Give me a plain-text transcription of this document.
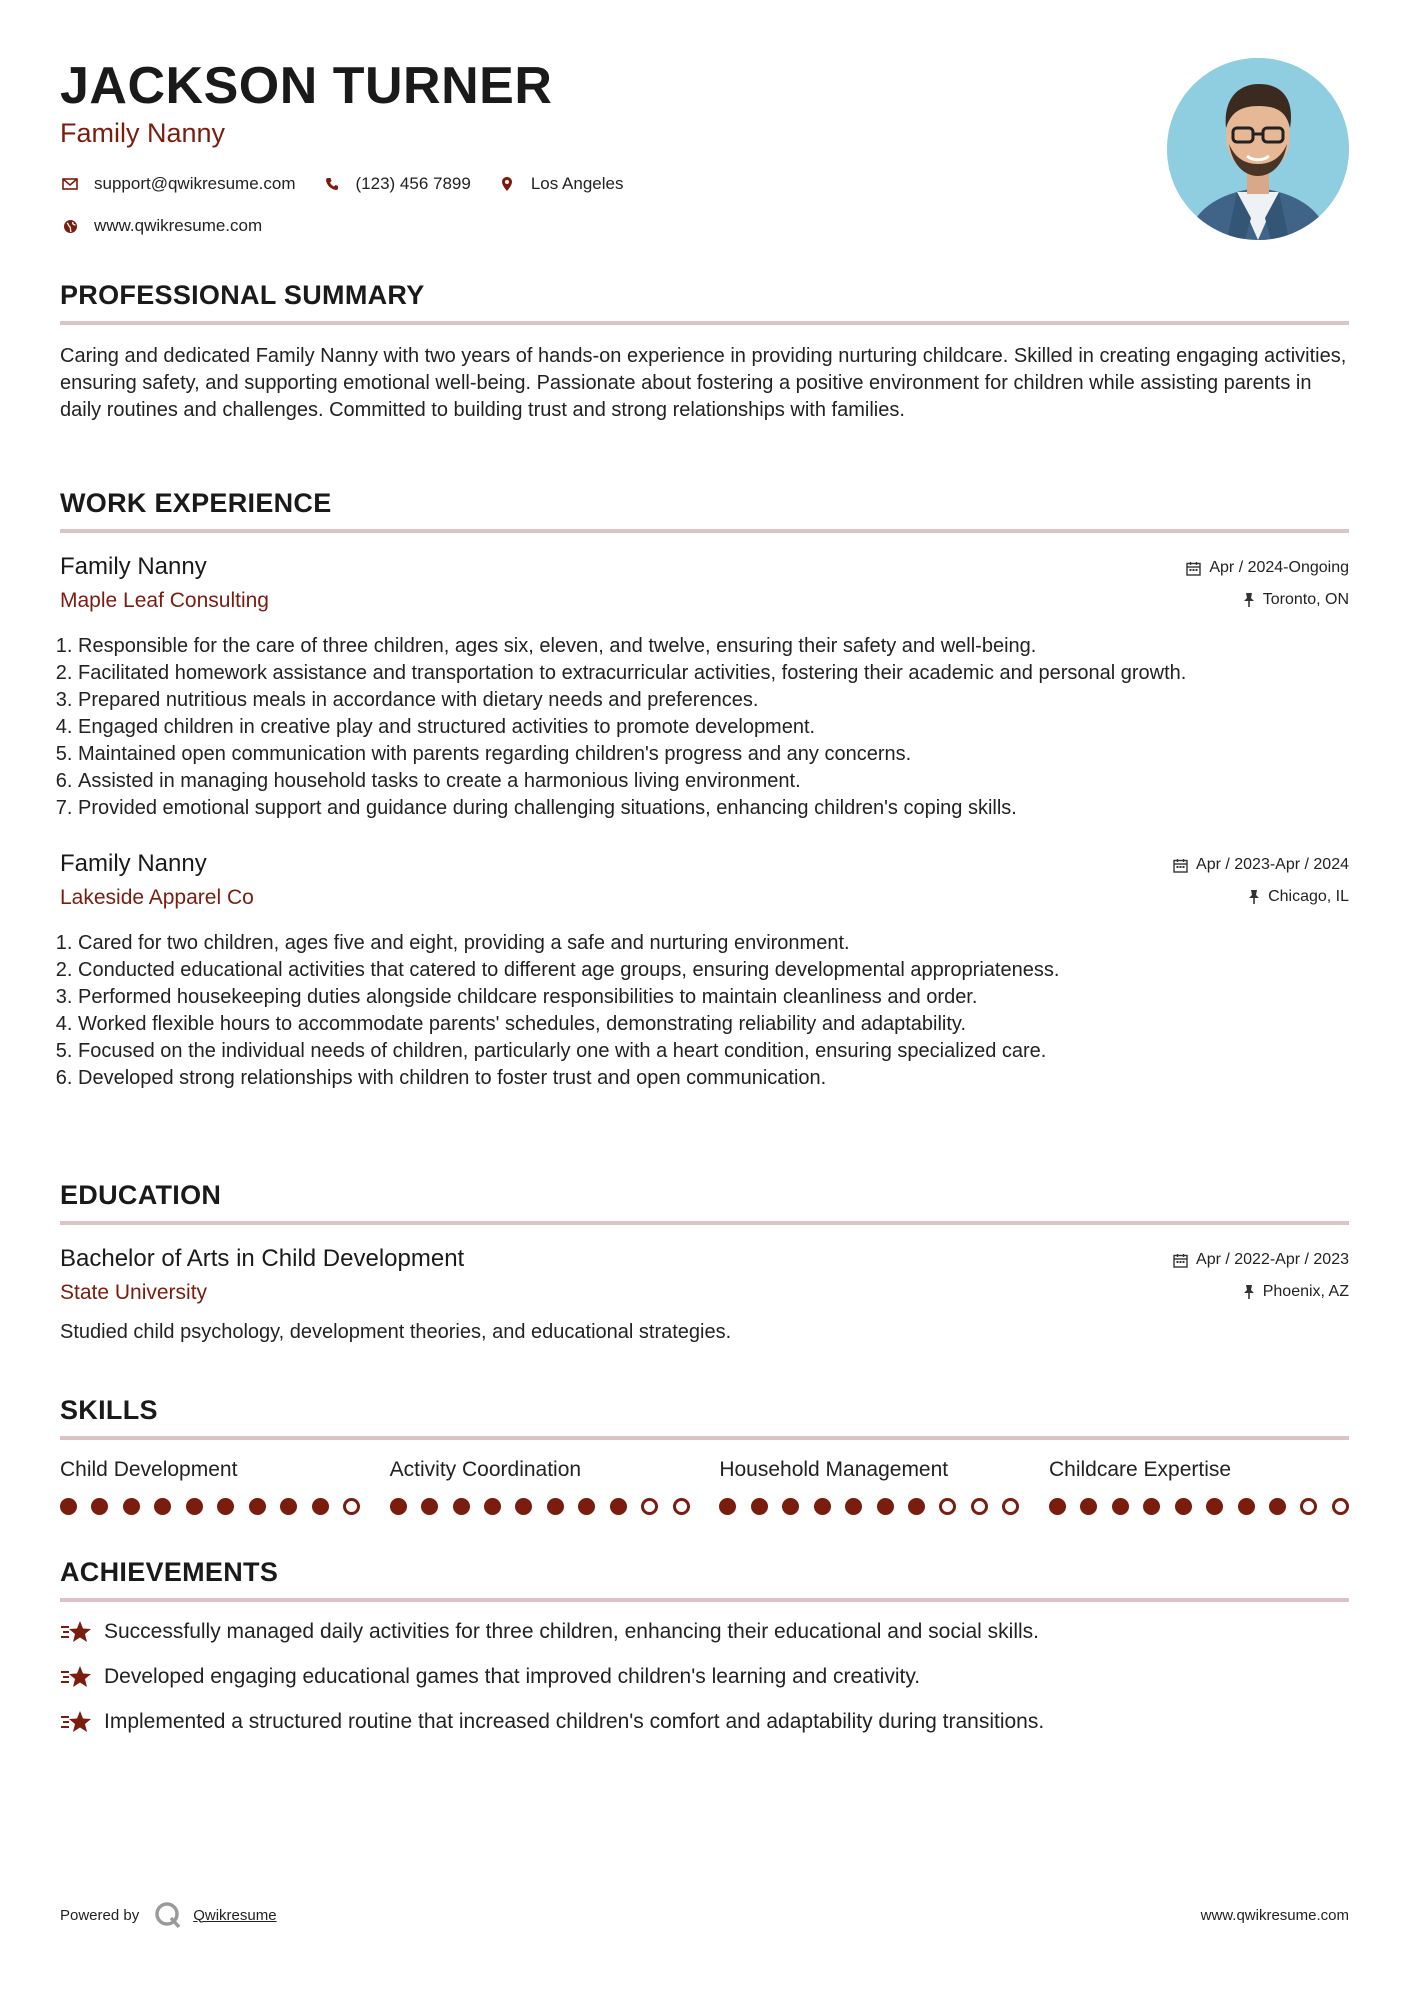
JACKSON TURNER
Family Nanny
support@qwikresume.com	(123) 456 7899	Los Angeles
www.qwikresume.com
PROFESSIONAL SUMMARY

Caring and dedicated Family Nanny with two years of hands-on experience in providing nurturing childcare. Skilled in creating engaging activities, ensuring safety, and supporting emotional well-being. Passionate about fostering a positive environment for children while assisting parents in daily routines and challenges. Committed to building trust and strong relationships with families.

WORK EXPERIENCE
Family Nanny
Maple Leaf Consulting
Apr / 2024-Ongoing
Toronto, ON
1. Responsible for the care of three children, ages six, eleven, and twelve, ensuring their safety and well-being.
2. Facilitated homework assistance and transportation to extracurricular activities, fostering their academic and personal growth.
3. Prepared nutritious meals in accordance with dietary needs and preferences.
4. Engaged children in creative play and structured activities to promote development.
5. Maintained open communication with parents regarding children's progress and any concerns.
6. Assisted in managing household tasks to create a harmonious living environment.
7. Provided emotional support and guidance during challenging situations, enhancing children's coping skills.
Family Nanny
Lakeside Apparel Co
Apr / 2023-Apr / 2024
Chicago, IL
1. Cared for two children, ages five and eight, providing a safe and nurturing environment.
2. Conducted educational activities that catered to different age groups, ensuring developmental appropriateness.
3. Performed housekeeping duties alongside childcare responsibilities to maintain cleanliness and order.
4. Worked flexible hours to accommodate parents' schedules, demonstrating reliability and adaptability.
5. Focused on the individual needs of children, particularly one with a heart condition, ensuring specialized care.
6. Developed strong relationships with children to foster trust and open communication.
EDUCATION
Bachelor of Arts in Child Development
State University
Apr / 2022-Apr / 2023
Phoenix, AZ

Studied child psychology, development theories, and educational strategies.

SKILLS
Child Development	Activity Coordination	Household Management	Childcare Expertise
ACHIEVEMENTS
Successfully managed daily activities for three children, enhancing their educational and social skills.
Developed engaging educational games that improved children's learning and creativity.
Implemented a structured routine that increased children's comfort and adaptability during transitions.
Powered by	Qwikresume	www.qwikresume.com
